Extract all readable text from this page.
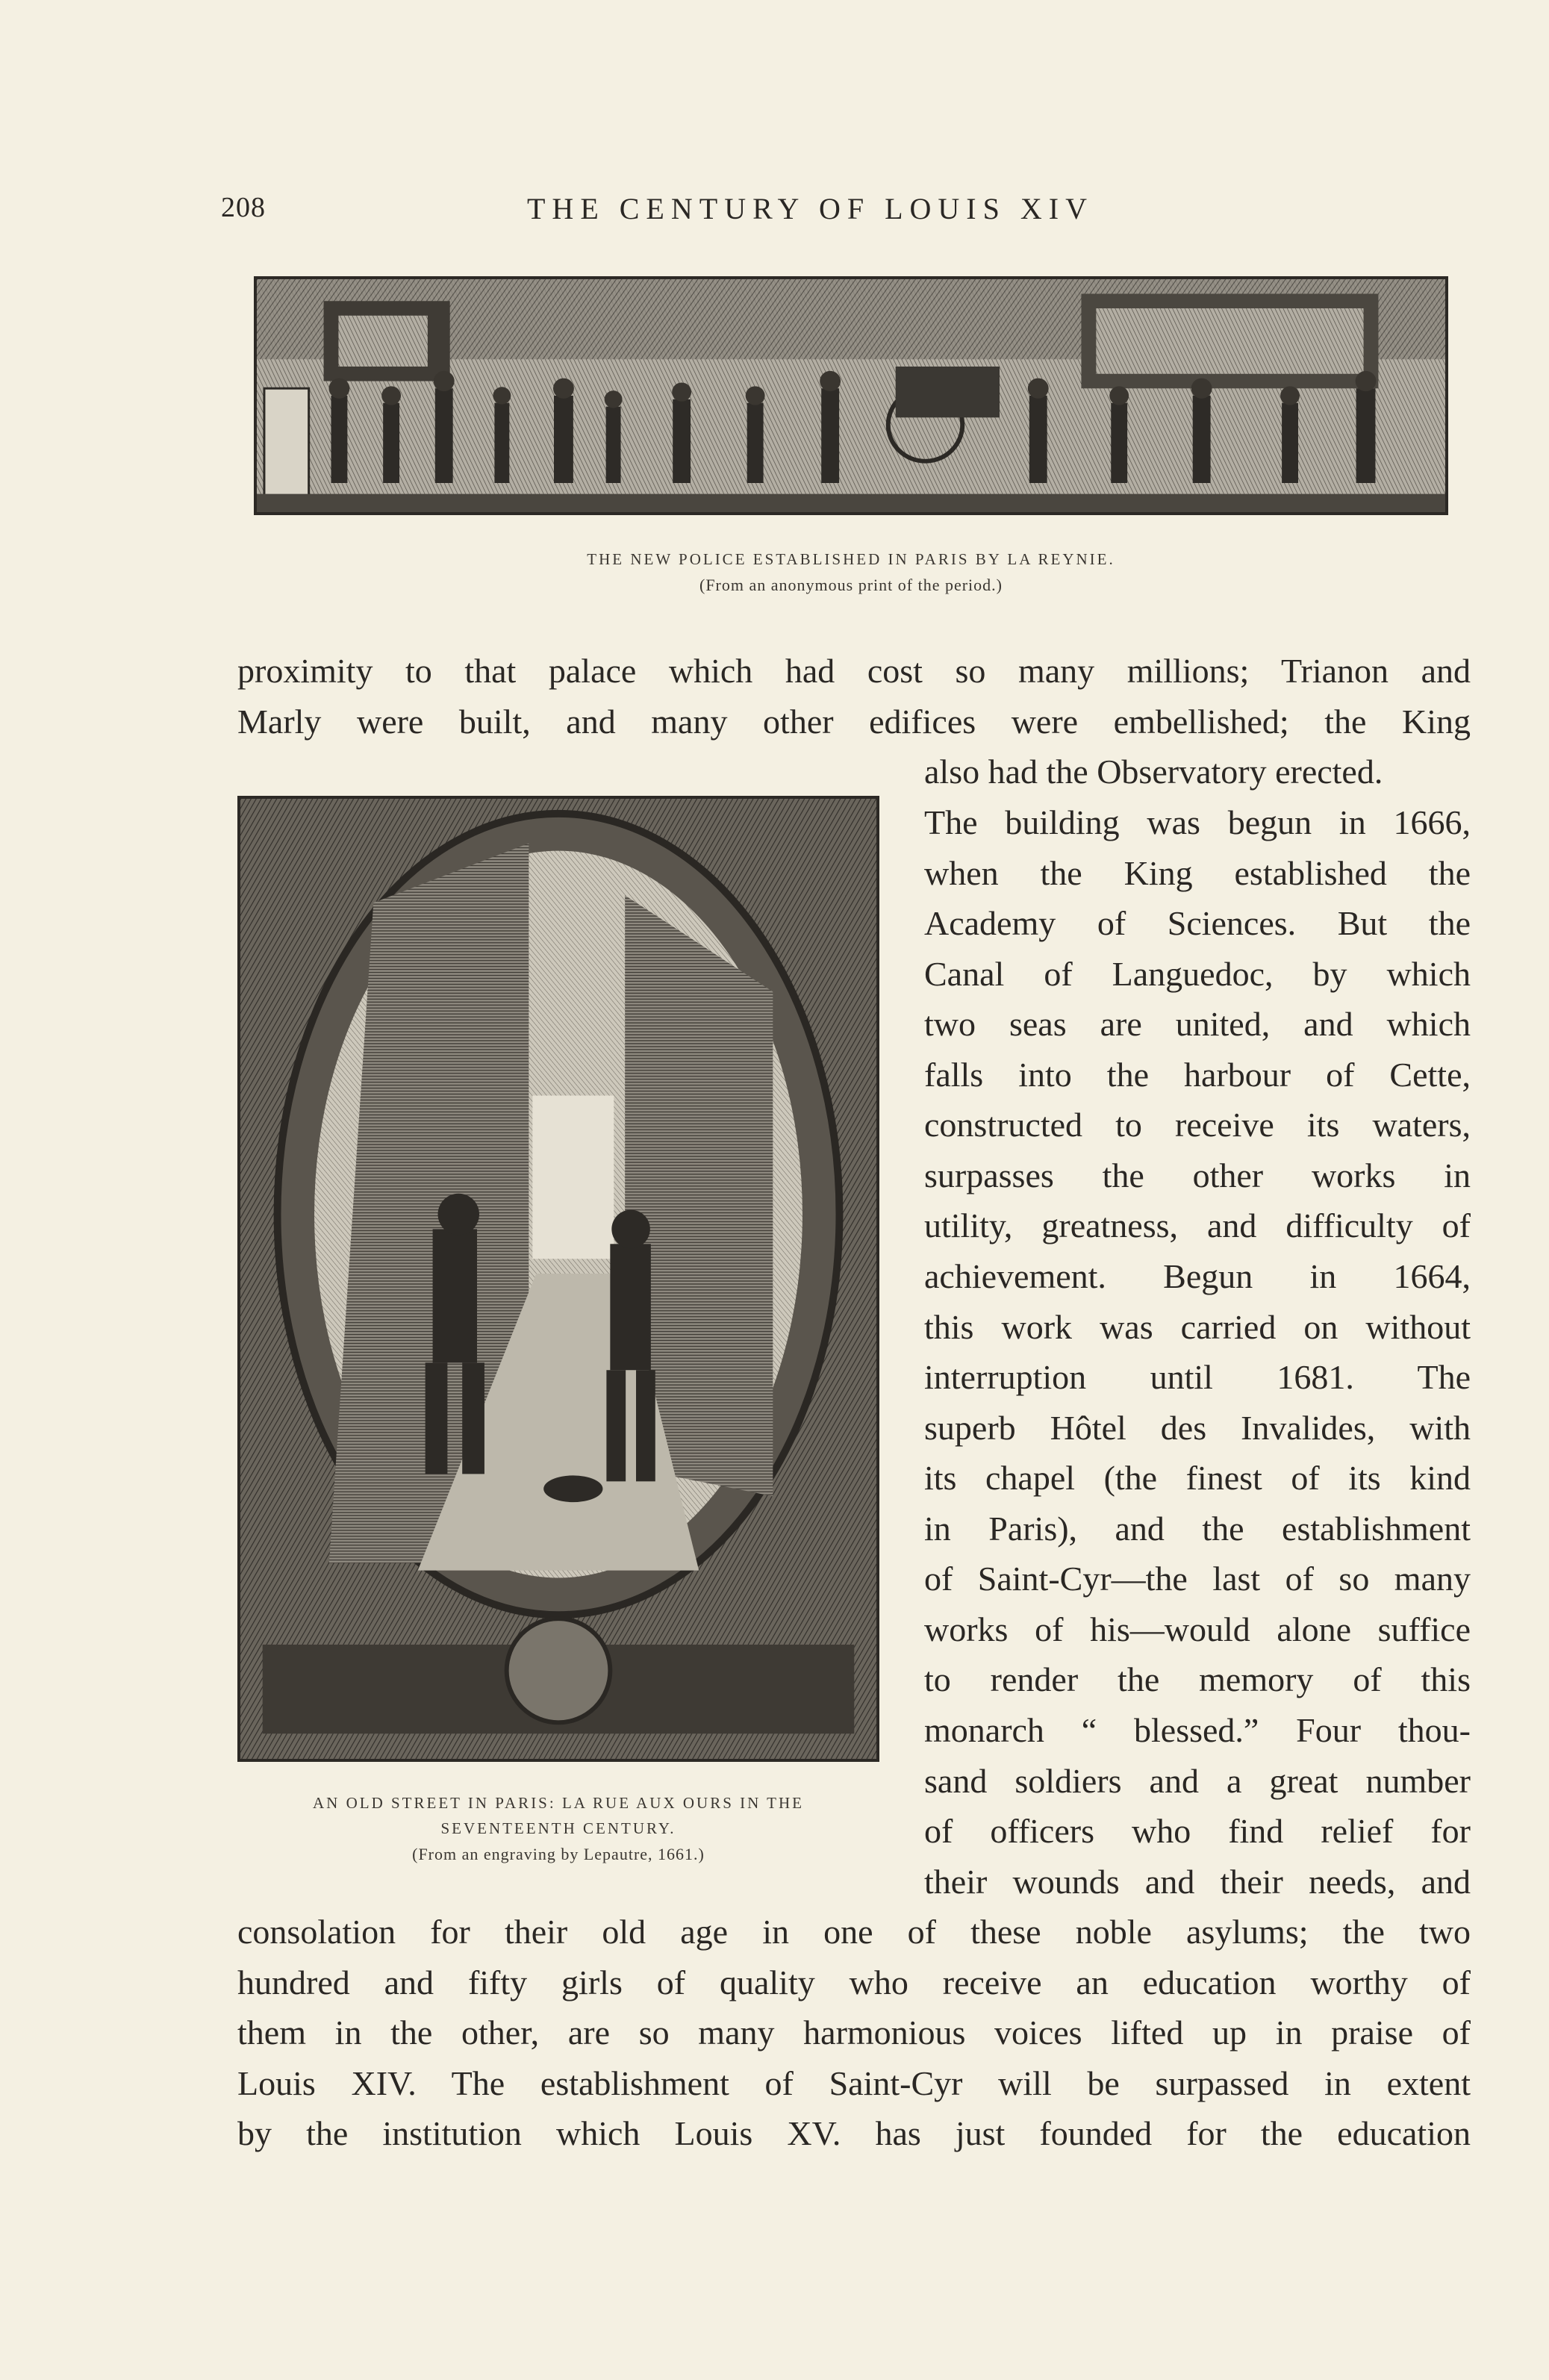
208	THE CENTURY OF LOUIS XIV
THE NEW POLICE ESTABLISHED IN PARIS BY LA REYNIE.
(From an anonymous print of the period.)
AN OLD STREET IN PARIS: LA RUE AUX OURS IN THE
SEVENTEENTH CENTURY.
(From an engraving by Lepautre, 1661.)
proximity to that palace which had cost so many millions; Trianon and
Marly were built, and many other edifices were embellished; the King
also had the Observatory erected.
The building was begun in 1666,
when the King established the
Academy of Sciences. But the
Canal of Languedoc, by which
two seas are united, and which
falls into the harbour of Cette,
constructed to receive its waters,
surpasses the other works in
utility, greatness, and difficulty of
achievement. Begun in 1664,
this work was carried on without
interruption until 1681. The
superb Hôtel des Invalides, with
its chapel (the finest of its kind
in Paris), and the establishment
of Saint-Cyr—the last of so many
works of his—would alone suffice
to render the memory of this
monarch “ blessed.” Four thou-
sand soldiers and a great number
of officers who find relief for
their wounds and their needs, and
consolation for their old age in one of these noble asylums; the two
hundred and fifty girls of quality who receive an education worthy of
them in the other, are so many harmonious voices lifted up in praise of
Louis XIV. The establishment of Saint-Cyr will be surpassed in extent
by the institution which Louis XV. has just founded for the education
